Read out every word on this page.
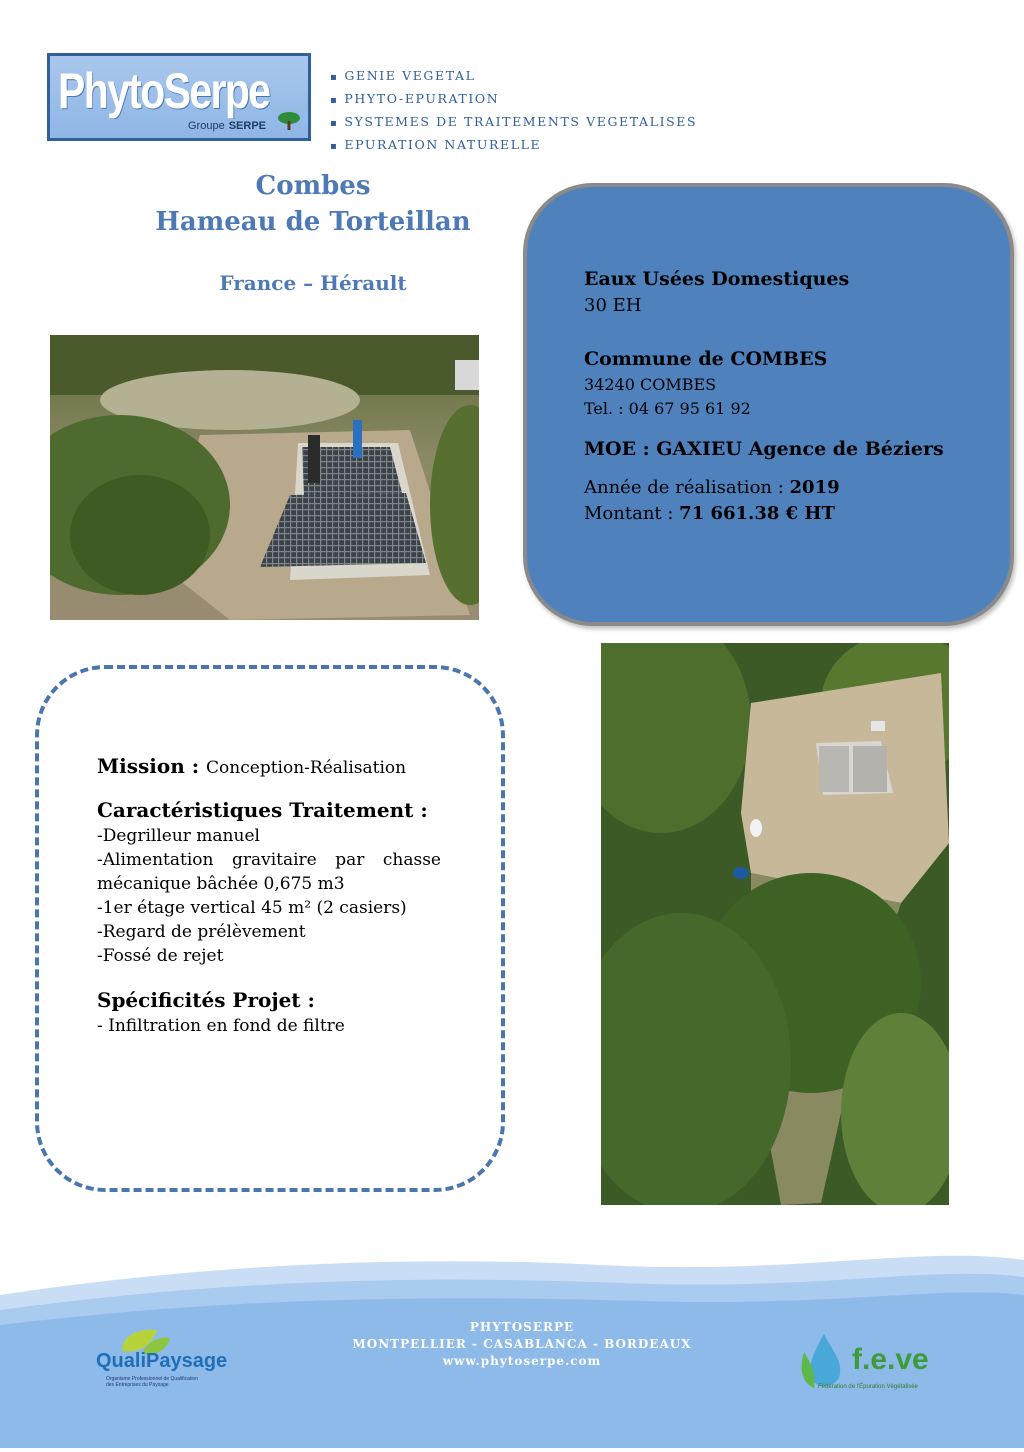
PhytoSerpe
Groupe SERPE
▪ GENIE VEGETAL
▪ PHYTO-EPURATION
▪ SYSTEMES DE TRAITEMENTS VEGETALISES
▪ EPURATION NATURELLE
Combes
Hameau de Torteillan
France – Hérault	Eaux Usées Domestiques
30 EH
Commune de COMBES
34240 COMBES
Tel. : 04 67 95 61 92
MOE : GAXIEU Agence de Béziers
Année de réalisation : 2019
Montant : 71 661.38 € HT
Mission : Conception-Réalisation
Caractéristiques Traitement :
-Degrilleur manuel
-Alimentation gravitaire par chasse
mécanique bâchée 0,675 m3
-1er étage vertical 45 m² (2 casiers)
-Regard de prélèvement
-Fossé de rejet
Spécificités Projet :
- Infiltration en fond de filtre
PHYTOSERPE
MONTPELLIER - CASABLANCA - BORDEAUX
www.phytoserpe.com
QualiPaysage
Organisme Professionnel de Qualification des Entreprises du Paysage
f.e.ve
Fédération de l'Épuration Végétalisée
